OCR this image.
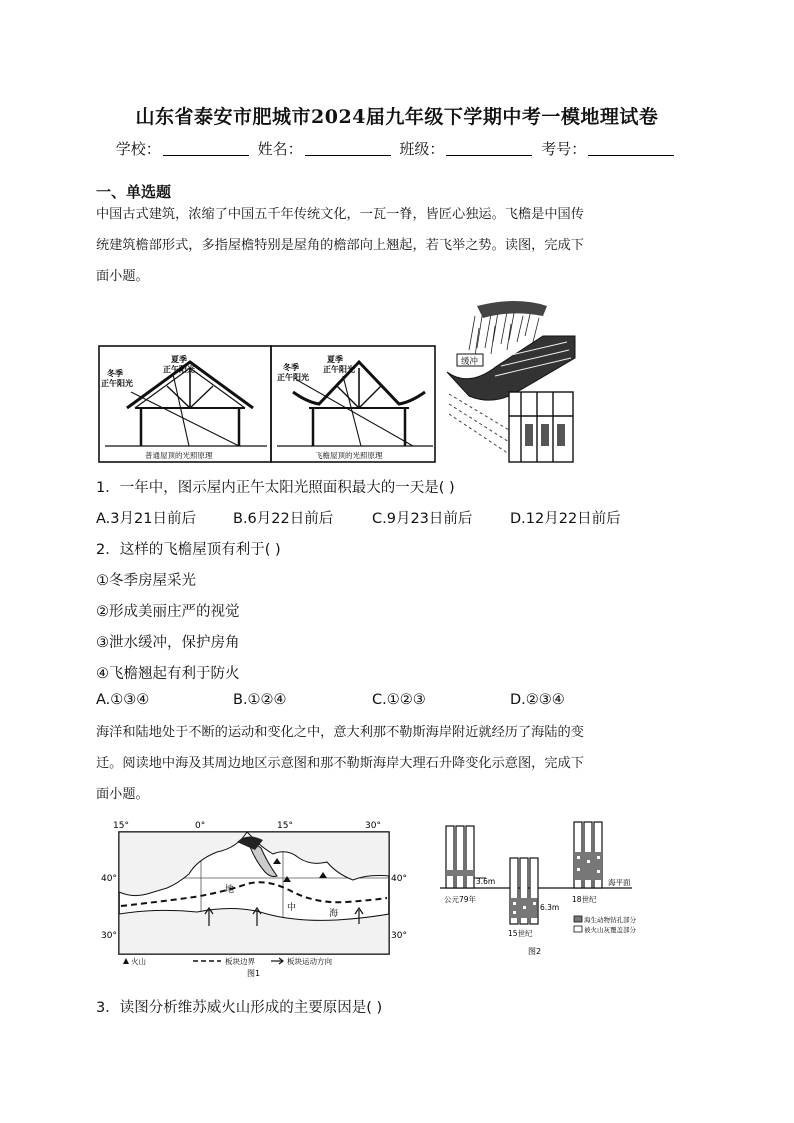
山东省泰安市肥城市2024届九年级下学期中考一模地理试卷
学校：	姓名：	班级：	考号：
一、单选题
中国古式建筑，浓缩了中国五千年传统文化，一瓦一脊，皆匠心独运。飞檐是中国传
统建筑檐部形式，多指屋檐特别是屋角的檐部向上翘起，若飞举之势。读图，完成下
面小题。
夏季
正午阳光
冬季
正午阳光
普通屋顶的光照原理
夏季
正午阳光
冬季
正午阳光
飞檐屋顶的光照原理
缓冲
1．一年中，图示屋内正午太阳光照面积最大的一天是( )
A.3月21日前后	B.6月22日前后	C.9月23日前后	D.12月22日前后
2．这样的飞檐屋顶有利于( )
①冬季房屋采光
②形成美丽庄严的视觉
③泄水缓冲，保护房角
④飞檐翘起有利于防火
A.①③④	B.①②④	C.①②③	D.②③④
海洋和陆地处于不断的运动和变化之中，意大利那不勒斯海岸附近就经历了海陆的变
迁。阅读地中海及其周边地区示意图和那不勒斯海岸大理石升降变化示意图，完成下
面小题。
15°	0°	15°	30°
40°	40°
30°	30°
地
中
海
火山	板块边界	板块运动方向
图1
3.6m
公元79年
6.3m
15世纪
18世纪
海平面
海生动物钻孔部分
被火山灰覆盖部分
图2
3．读图分析维苏威火山形成的主要原因是( )
